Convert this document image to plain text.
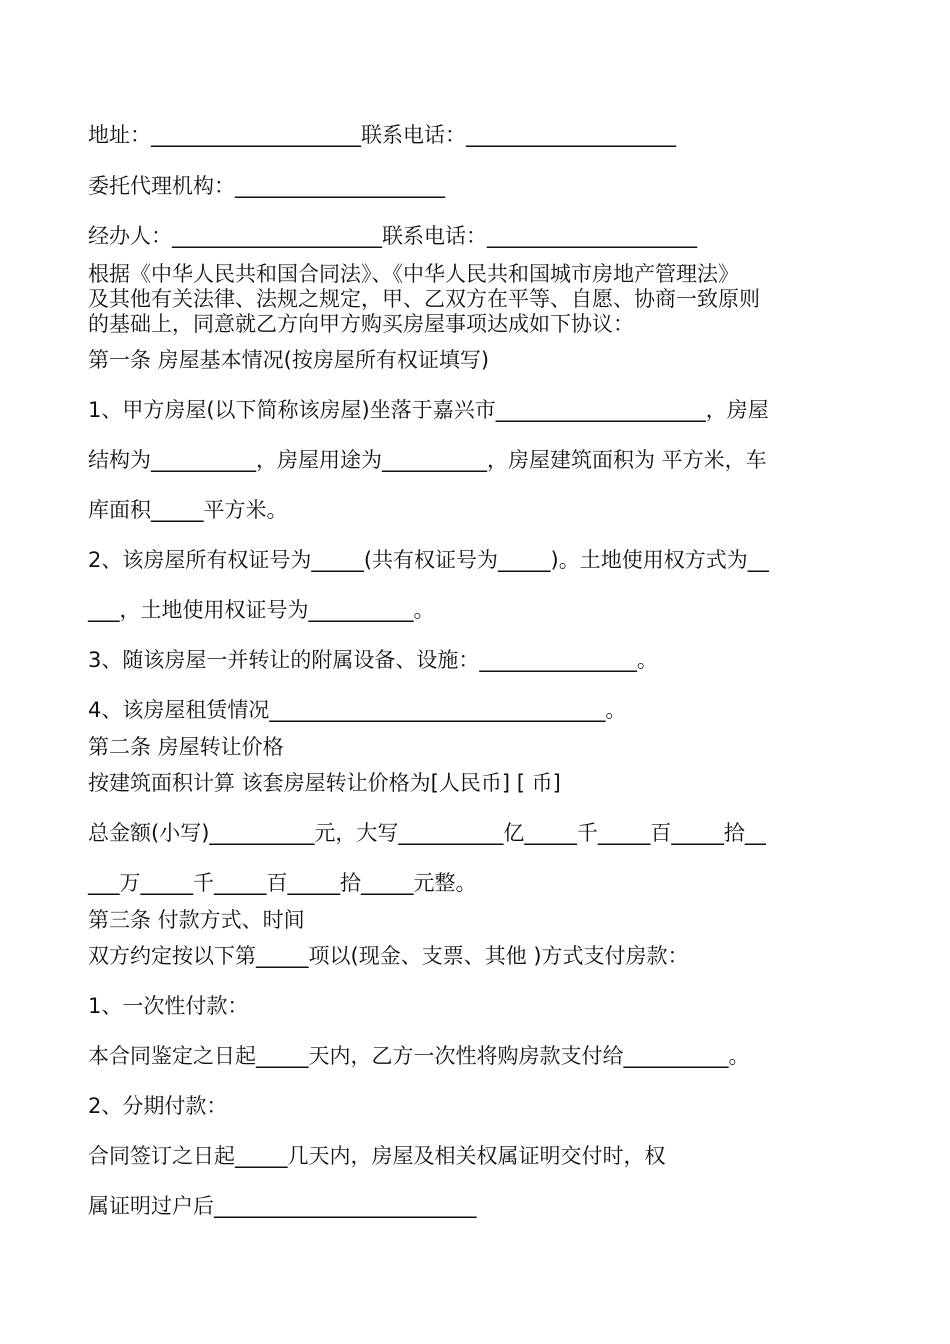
地址：____________________联系电话：____________________
委托代理机构：____________________
经办人：____________________联系电话：____________________
根据《中华人民共和国合同法》、《中华人民共和国城市房地产管理法》
及其他有关法律、法规之规定，甲、乙双方在平等、自愿、协商一致原则
的基础上，同意就乙方向甲方购买房屋事项达成如下协议：
第一条 房屋基本情况(按房屋所有权证填写)
1、甲方房屋(以下简称该房屋)坐落于嘉兴市____________________，房屋
结构为__________，房屋用途为__________，房屋建筑面积为 平方米，车
库面积_____平方米。
2、该房屋所有权证号为_____(共有权证号为_____)。土地使用权方式为__
___，土地使用权证号为__________。
3、随该房屋一并转让的附属设备、设施：_______________。
4、该房屋租赁情况________________________________。
第二条 房屋转让价格
按建筑面积计算 该套房屋转让价格为[人民币] [ 币]
总金额(小写)__________元，大写__________亿_____千_____百_____拾__
___万_____千_____百_____拾_____元整。
第三条 付款方式、时间
双方约定按以下第_____项以(现金、支票、其他 )方式支付房款：
1、一次性付款：
本合同鉴定之日起_____天内，乙方一次性将购房款支付给__________。
2、分期付款：
合同签订之日起_____几天内，房屋及相关权属证明交付时，权
属证明过户后_________________________
